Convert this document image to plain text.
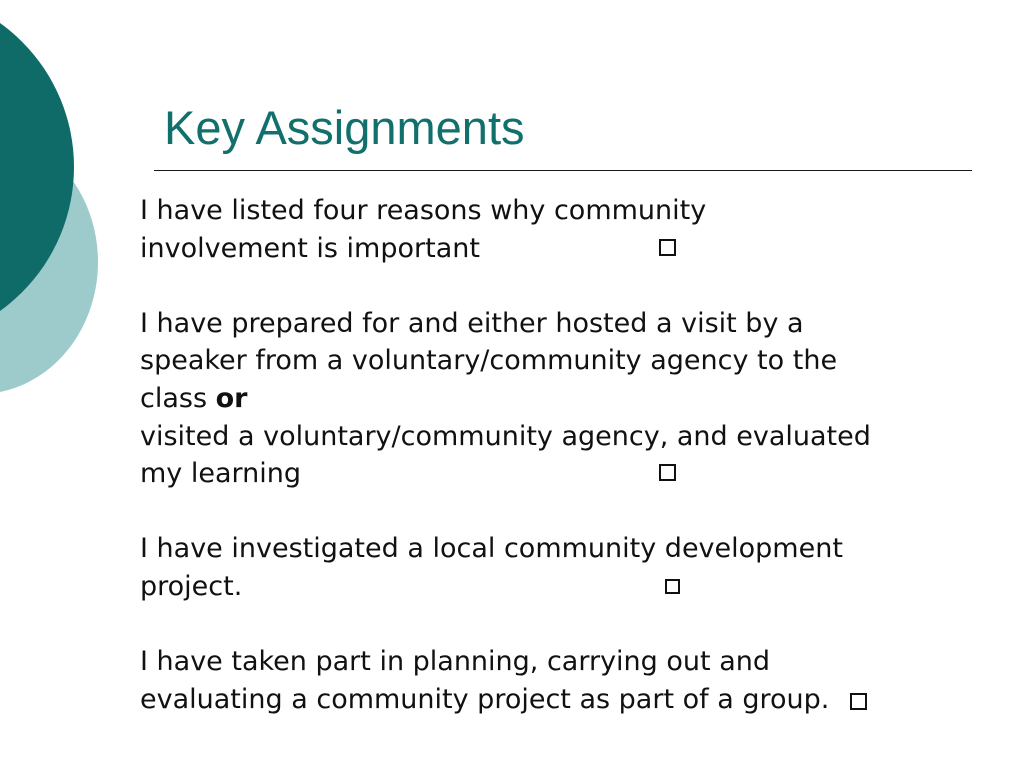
Key Assignments
I have listed four reasons why community
involvement is important
I have prepared for and either hosted a visit by a
speaker from a voluntary/community agency to the
class or
visited a voluntary/community agency, and evaluated
my learning
I have investigated a local community development
project.
I have taken part in planning, carrying out and
evaluating a community project as part of a group.
